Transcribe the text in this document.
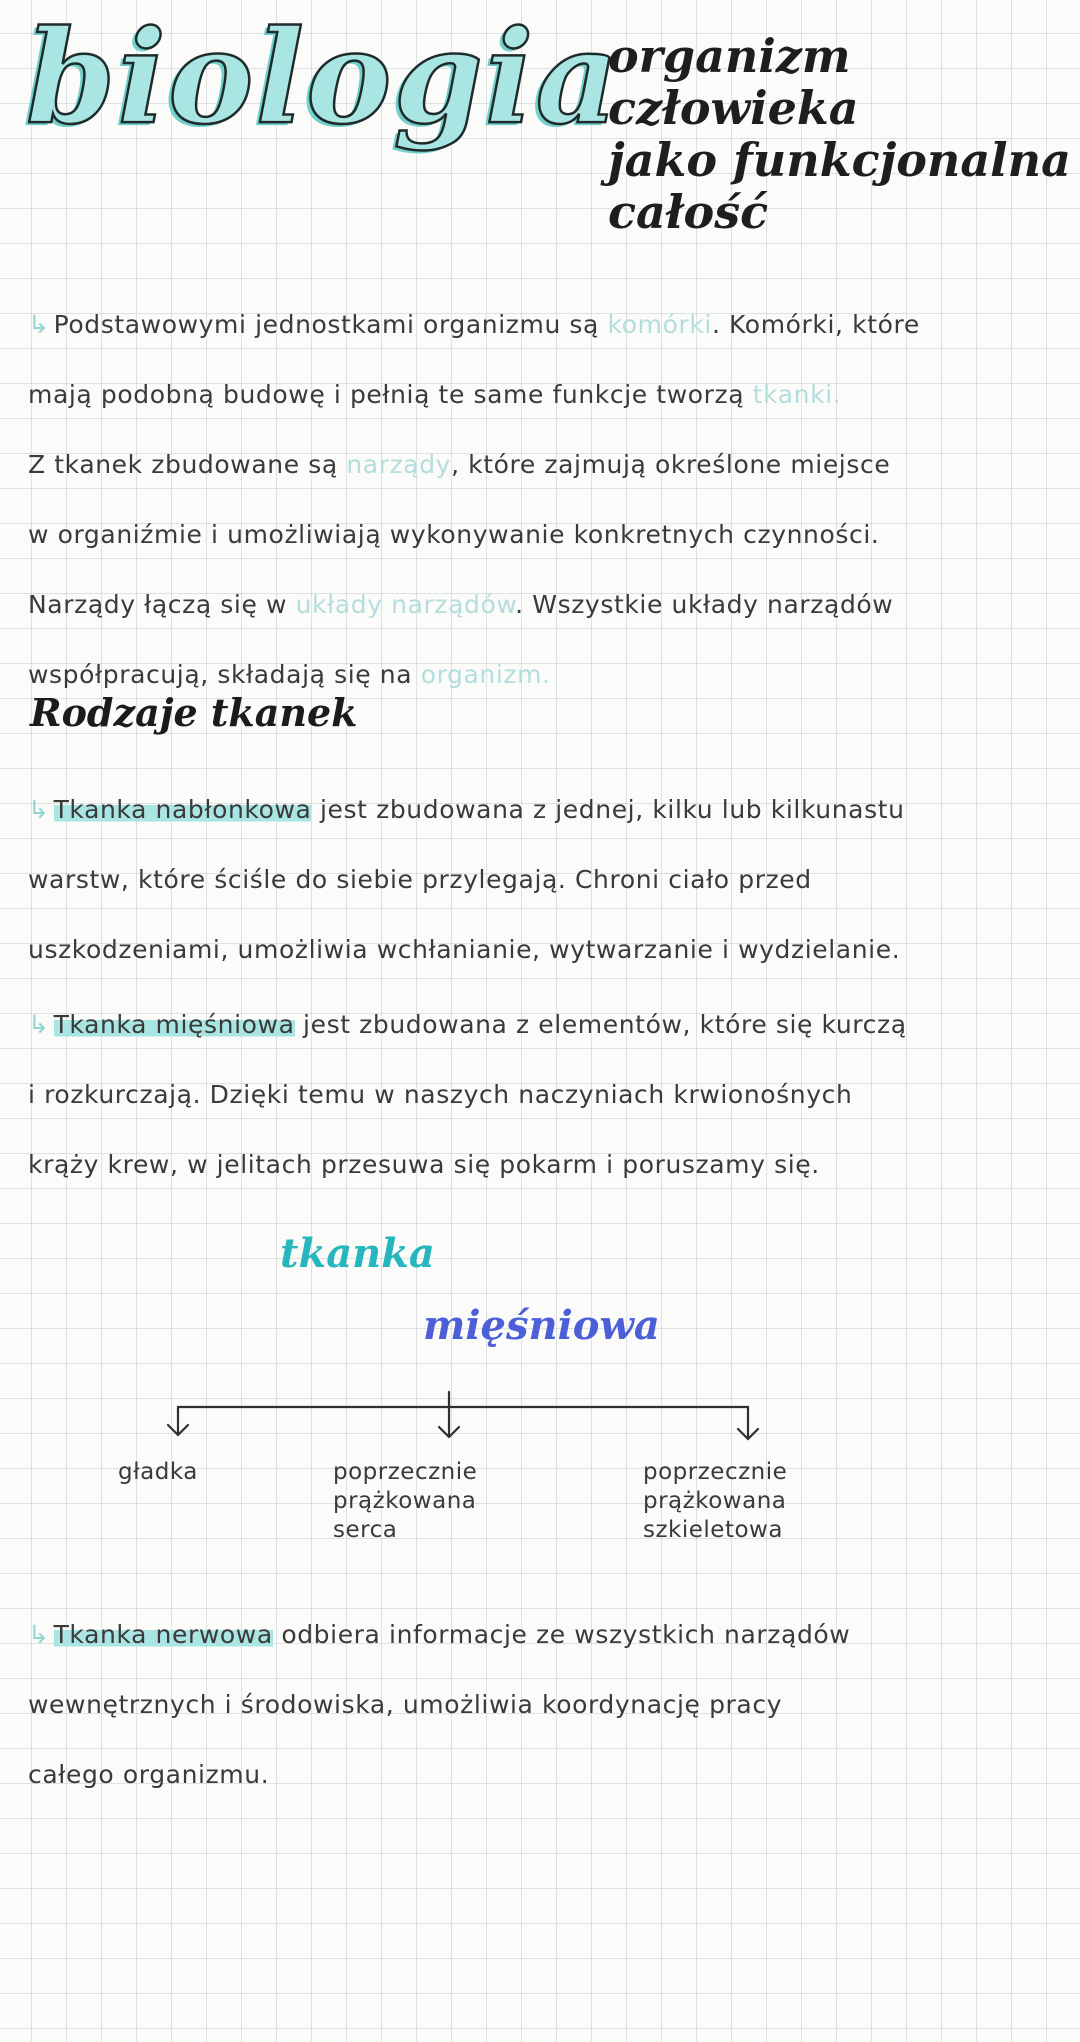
biologia
organizm człowieka
jako funkcjonalna
całość
↳ Podstawowymi jednostkami organizmu są komórki. Komórki, które
mają podobną budowę i pełnią te same funkcje tworzą tkanki.
Z tkanek zbudowane są narządy, które zajmują określone miejsce
w organiźmie i umożliwiają wykonywanie konkretnych czynności.
Narządy łączą się w układy narządów. Wszystkie układy narządów
współpracują, składają się na organizm.
Rodzaje tkanek
↳ Tkanka nabłonkowa jest zbudowana z jednej, kilku lub kilkunastu
warstw, które ściśle do siebie przylegają. Chroni ciało przed
uszkodzeniami, umożliwia wchłanianie, wytwarzanie i wydzielanie.
↳ Tkanka mięśniowa jest zbudowana z elementów, które się kurczą
i rozkurczają. Dzięki temu w naszych naczyniach krwionośnych
krąży krew, w jelitach przesuwa się pokarm i poruszamy się.
tkanka
mięśniowa
gładka	poprzecznie
prążkowana
serca
poprzecznie
prążkowana
szkieletowa
↳ Tkanka nerwowa odbiera informacje ze wszystkich narządów
wewnętrznych i środowiska, umożliwia koordynację pracy
całego organizmu.
